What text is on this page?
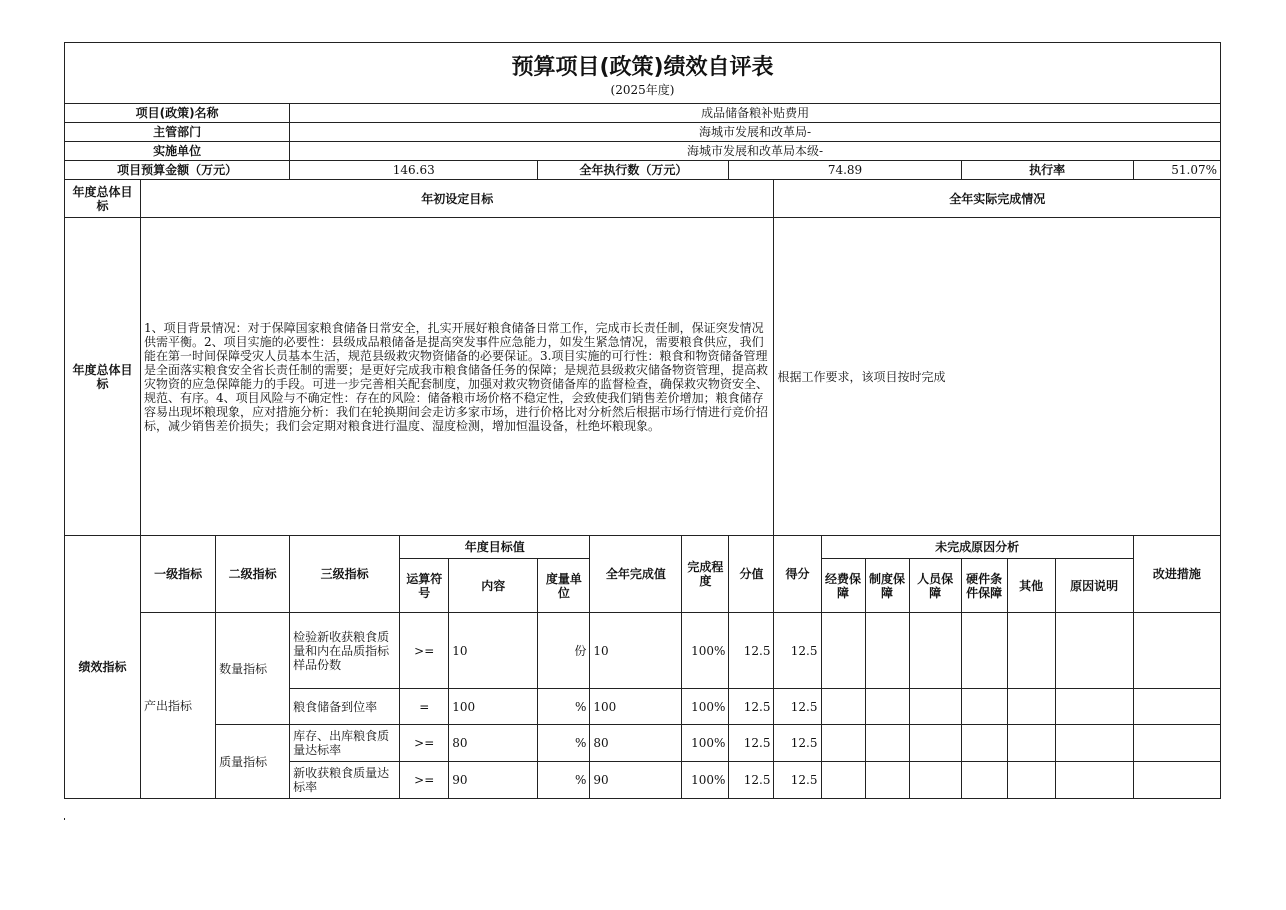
预算项目(政策)绩效自评表
(2025年度)																	

项目(政策)名称			成品储备粮补贴费用														
主管部门			海城市发展和改革局-														
实施单位			海城市发展和改革局本级-														
项目预算金额（万元）			146.63			全年执行数（万元）			74.89					执行率			51.07%
年度总体目标	年初设定目标									全年实际完成情况							
年度总体目标	1、项目背景情况：对于保障国家粮食储备日常安全，扎实开展好粮食储备日常工作，完成市长责任制，保证突发情况供需平衡。2、项目实施的必要性：县级成品粮储备是提高突发事件应急能力，如发生紧急情况，需要粮食供应，我们能在第一时间保障受灾人员基本生活，规范县级救灾物资储备的必要保证。3.项目实施的可行性：粮食和物资储备管理是全面落实粮食安全省长责任制的需要；是更好完成我市粮食储备任务的保障；是规范县级救灾储备物资管理，提高救灾物资的应急保障能力的手段。可进一步完善相关配套制度，加强对救灾物资储备库的监督检查，确保救灾物资安全、规范、有序。4、项目风险与不确定性：存在的风险：储备粮市场价格不稳定性，会致使我们销售差价增加；粮食储存容易出现坏粮现象，应对措施分析：我们在轮换期间会走访多家市场，进行价格比对分析然后根据市场行情进行竞价招标，减少销售差价损失；我们会定期对粮食进行温度、湿度检测，增加恒温设备，杜绝坏粮现象。									根据工作要求，该项目按时完成							
绩效指标	一级指标	二级指标	三级指标	年度目标值			全年完成值	完成程度	分值	得分	未完成原因分析						改进措施
				运算符号	内容	度量单位					经费保障	制度保障	人员保障	硬件条件保障	其他	原因说明	
	产出指标	数量指标	检验新收获粮食质量和内在品质指标样品份数	>=	10	份	10	100%	12.5	12.5							
			粮食储备到位率	=	100	%	100	100%	12.5	12.5							
		质量指标	库存、出库粮食质量达标率	>=	80	%	80	100%	12.5	12.5							
			新收获粮食质量达标率	>=	90	%	90	100%	12.5	12.5							
